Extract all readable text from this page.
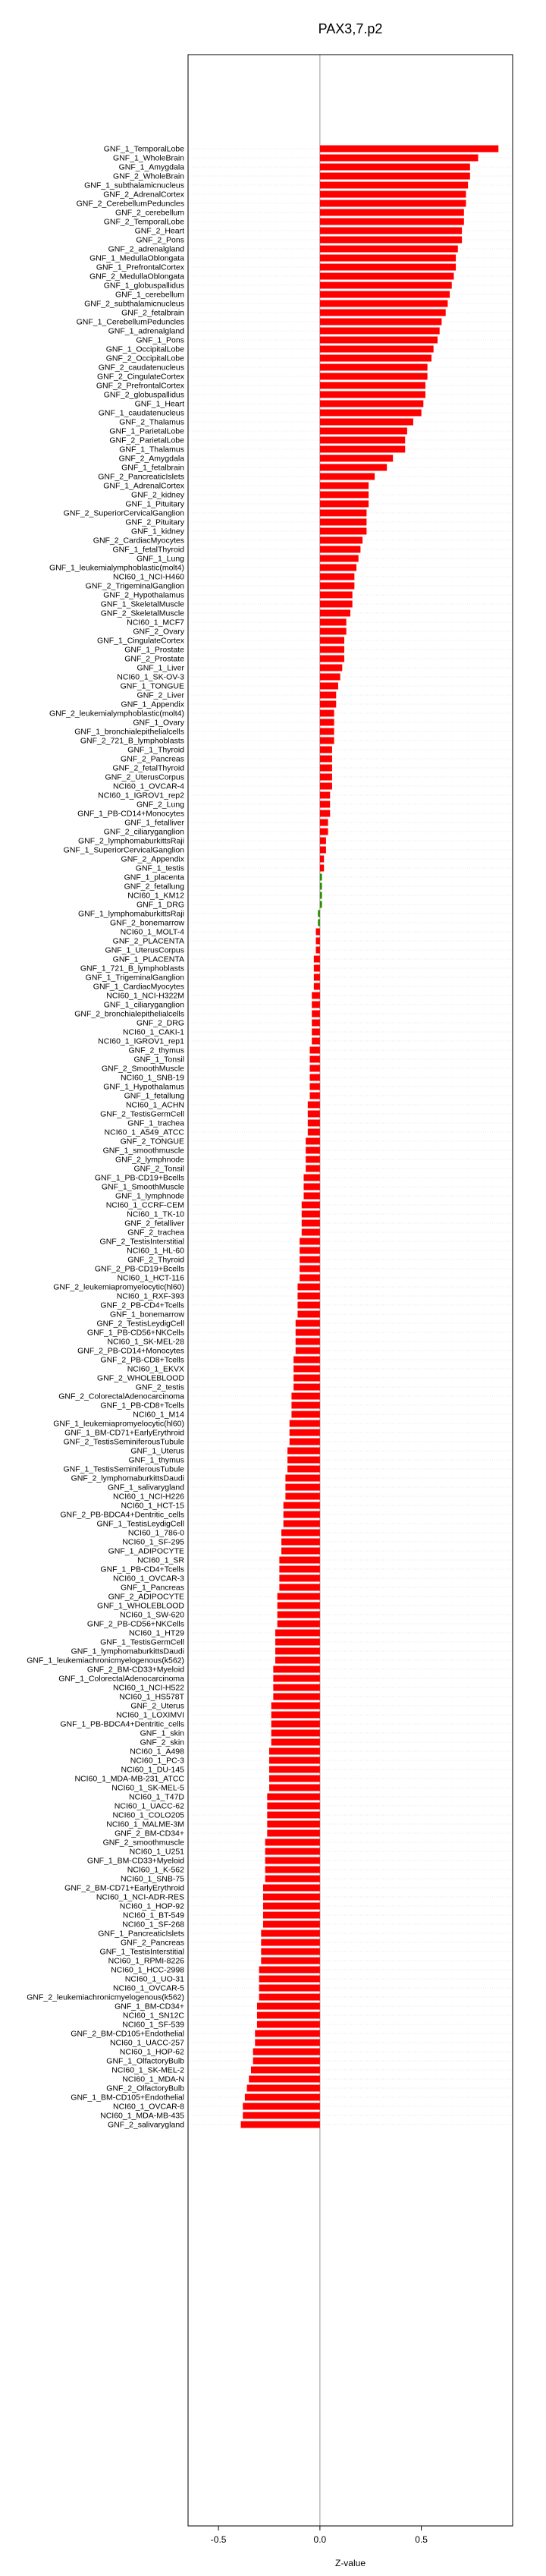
PAX3,7.p2
GNF_1_TemporalLobe
GNF_1_WholeBrain
GNF_1_Amygdala
GNF_2_WholeBrain
GNF_1_subthalamicnucleus
GNF_2_AdrenalCortex
GNF_2_CerebellumPeduncles
GNF_2_cerebellum
GNF_2_TemporalLobe
GNF_2_Heart
GNF_2_Pons
GNF_2_adrenalgland
GNF_1_MedullaOblongata
GNF_1_PrefrontalCortex
GNF_2_MedullaOblongata
GNF_1_globuspallidus
GNF_1_cerebellum
GNF_2_subthalamicnucleus
GNF_2_fetalbrain
GNF_1_CerebellumPeduncles
GNF_1_adrenalgland
GNF_1_Pons
GNF_1_OccipitalLobe
GNF_2_OccipitalLobe
GNF_2_caudatenucleus
GNF_2_CingulateCortex
GNF_2_PrefrontalCortex
GNF_2_globuspallidus
GNF_1_Heart
GNF_1_caudatenucleus
GNF_2_Thalamus
GNF_1_ParietalLobe
GNF_2_ParietalLobe
GNF_1_Thalamus
GNF_2_Amygdala
GNF_1_fetalbrain
GNF_2_PancreaticIslets
GNF_1_AdrenalCortex
GNF_2_kidney
GNF_1_Pituitary
GNF_2_SuperiorCervicalGanglion
GNF_2_Pituitary
GNF_1_kidney
GNF_2_CardiacMyocytes
GNF_1_fetalThyroid
GNF_1_Lung
GNF_1_leukemialymphoblastic(molt4)
NCI60_1_NCI-H460
GNF_2_TrigeminalGanglion
GNF_2_Hypothalamus
GNF_1_SkeletalMuscle
GNF_2_SkeletalMuscle
NCI60_1_MCF7
GNF_2_Ovary
GNF_1_CingulateCortex
GNF_1_Prostate
GNF_2_Prostate
GNF_1_Liver
NCI60_1_SK-OV-3
GNF_1_TONGUE
GNF_2_Liver
GNF_1_Appendix
GNF_2_leukemialymphoblastic(molt4)
GNF_1_Ovary
GNF_1_bronchialepithelialcells
GNF_2_721_B_lymphoblasts
GNF_1_Thyroid
GNF_2_Pancreas
GNF_2_fetalThyroid
GNF_2_UterusCorpus
NCI60_1_OVCAR-4
NCI60_1_IGROV1_rep2
GNF_2_Lung
GNF_1_PB-CD14+Monocytes
GNF_1_fetalliver
GNF_2_ciliaryganglion
GNF_2_lymphomaburkittsRaji
GNF_1_SuperiorCervicalGanglion
GNF_2_Appendix
GNF_1_testis
GNF_1_placenta
GNF_2_fetallung
NCI60_1_KM12
GNF_1_DRG
GNF_1_lymphomaburkittsRaji
GNF_2_bonemarrow
NCI60_1_MOLT-4
GNF_2_PLACENTA
GNF_1_UterusCorpus
GNF_1_PLACENTA
GNF_1_721_B_lymphoblasts
GNF_1_TrigeminalGanglion
GNF_1_CardiacMyocytes
NCI60_1_NCI-H322M
GNF_1_ciliaryganglion
GNF_2_bronchialepithelialcells
GNF_2_DRG
NCI60_1_CAKI-1
NCI60_1_IGROV1_rep1
GNF_2_thymus
GNF_1_Tonsil
GNF_2_SmoothMuscle
NCI60_1_SNB-19
GNF_1_Hypothalamus
GNF_1_fetallung
NCI60_1_ACHN
GNF_2_TestisGermCell
GNF_1_trachea
NCI60_1_A549_ATCC
GNF_2_TONGUE
GNF_1_smoothmuscle
GNF_2_lymphnode
GNF_2_Tonsil
GNF_1_PB-CD19+Bcells
GNF_1_SmoothMuscle
GNF_1_lymphnode
NCI60_1_CCRF-CEM
NCI60_1_TK-10
GNF_2_fetalliver
GNF_2_trachea
GNF_2_TestisInterstitial
NCI60_1_HL-60
GNF_2_Thyroid
GNF_2_PB-CD19+Bcells
NCI60_1_HCT-116
GNF_2_leukemiapromyelocytic(hl60)
NCI60_1_RXF-393
GNF_2_PB-CD4+Tcells
GNF_1_bonemarrow
GNF_2_TestisLeydigCell
GNF_1_PB-CD56+NKCells
NCI60_1_SK-MEL-28
GNF_2_PB-CD14+Monocytes
GNF_2_PB-CD8+Tcells
NCI60_1_EKVX
GNF_2_WHOLEBLOOD
GNF_2_testis
GNF_2_ColorectalAdenocarcinoma
GNF_1_PB-CD8+Tcells
NCI60_1_M14
GNF_1_leukemiapromyelocytic(hl60)
GNF_1_BM-CD71+EarlyErythroid
GNF_2_TestisSeminiferousTubule
GNF_1_Uterus
GNF_1_thymus
GNF_1_TestisSeminiferousTubule
GNF_2_lymphomaburkittsDaudi
GNF_1_salivarygland
NCI60_1_NCI-H226
NCI60_1_HCT-15
GNF_2_PB-BDCA4+Dentritic_cells
GNF_1_TestisLeydigCell
NCI60_1_786-0
NCI60_1_SF-295
GNF_1_ADIPOCYTE
NCI60_1_SR
GNF_1_PB-CD4+Tcells
NCI60_1_OVCAR-3
GNF_1_Pancreas
GNF_2_ADIPOCYTE
GNF_1_WHOLEBLOOD
NCI60_1_SW-620
GNF_2_PB-CD56+NKCells
NCI60_1_HT29
GNF_1_TestisGermCell
GNF_1_lymphomaburkittsDaudi
GNF_1_leukemiachronicmyelogenous(k562)
GNF_2_BM-CD33+Myeloid
GNF_1_ColorectalAdenocarcinoma
NCI60_1_NCI-H522
NCI60_1_HS578T
GNF_2_Uterus
NCI60_1_LOXIMVI
GNF_1_PB-BDCA4+Dentritic_cells
GNF_1_skin
GNF_2_skin
NCI60_1_A498
NCI60_1_PC-3
NCI60_1_DU-145
NCI60_1_MDA-MB-231_ATCC
NCI60_1_SK-MEL-5
NCI60_1_T47D
NCI60_1_UACC-62
NCI60_1_COLO205
NCI60_1_MALME-3M
GNF_2_BM-CD34+
GNF_2_smoothmuscle
NCI60_1_U251
GNF_1_BM-CD33+Myeloid
NCI60_1_K-562
NCI60_1_SNB-75
GNF_2_BM-CD71+EarlyErythroid
NCI60_1_NCI-ADR-RES
NCI60_1_HOP-92
NCI60_1_BT-549
NCI60_1_SF-268
GNF_1_PancreaticIslets
GNF_2_Pancreas
GNF_1_TestisInterstitial
NCI60_1_RPMI-8226
NCI60_1_HCC-2998
NCI60_1_UO-31
NCI60_1_OVCAR-5
GNF_2_leukemiachronicmyelogenous(k562)
GNF_1_BM-CD34+
NCI60_1_SN12C
NCI60_1_SF-539
GNF_2_BM-CD105+Endothelial
NCI60_1_UACC-257
NCI60_1_HOP-62
GNF_1_OlfactoryBulb
NCI60_1_SK-MEL-2
NCI60_1_MDA-N
GNF_2_OlfactoryBulb
GNF_1_BM-CD105+Endothelial
NCI60_1_OVCAR-8
NCI60_1_MDA-MB-435
GNF_2_salivarygland
-0.5	0.0	0.5
Z-value
